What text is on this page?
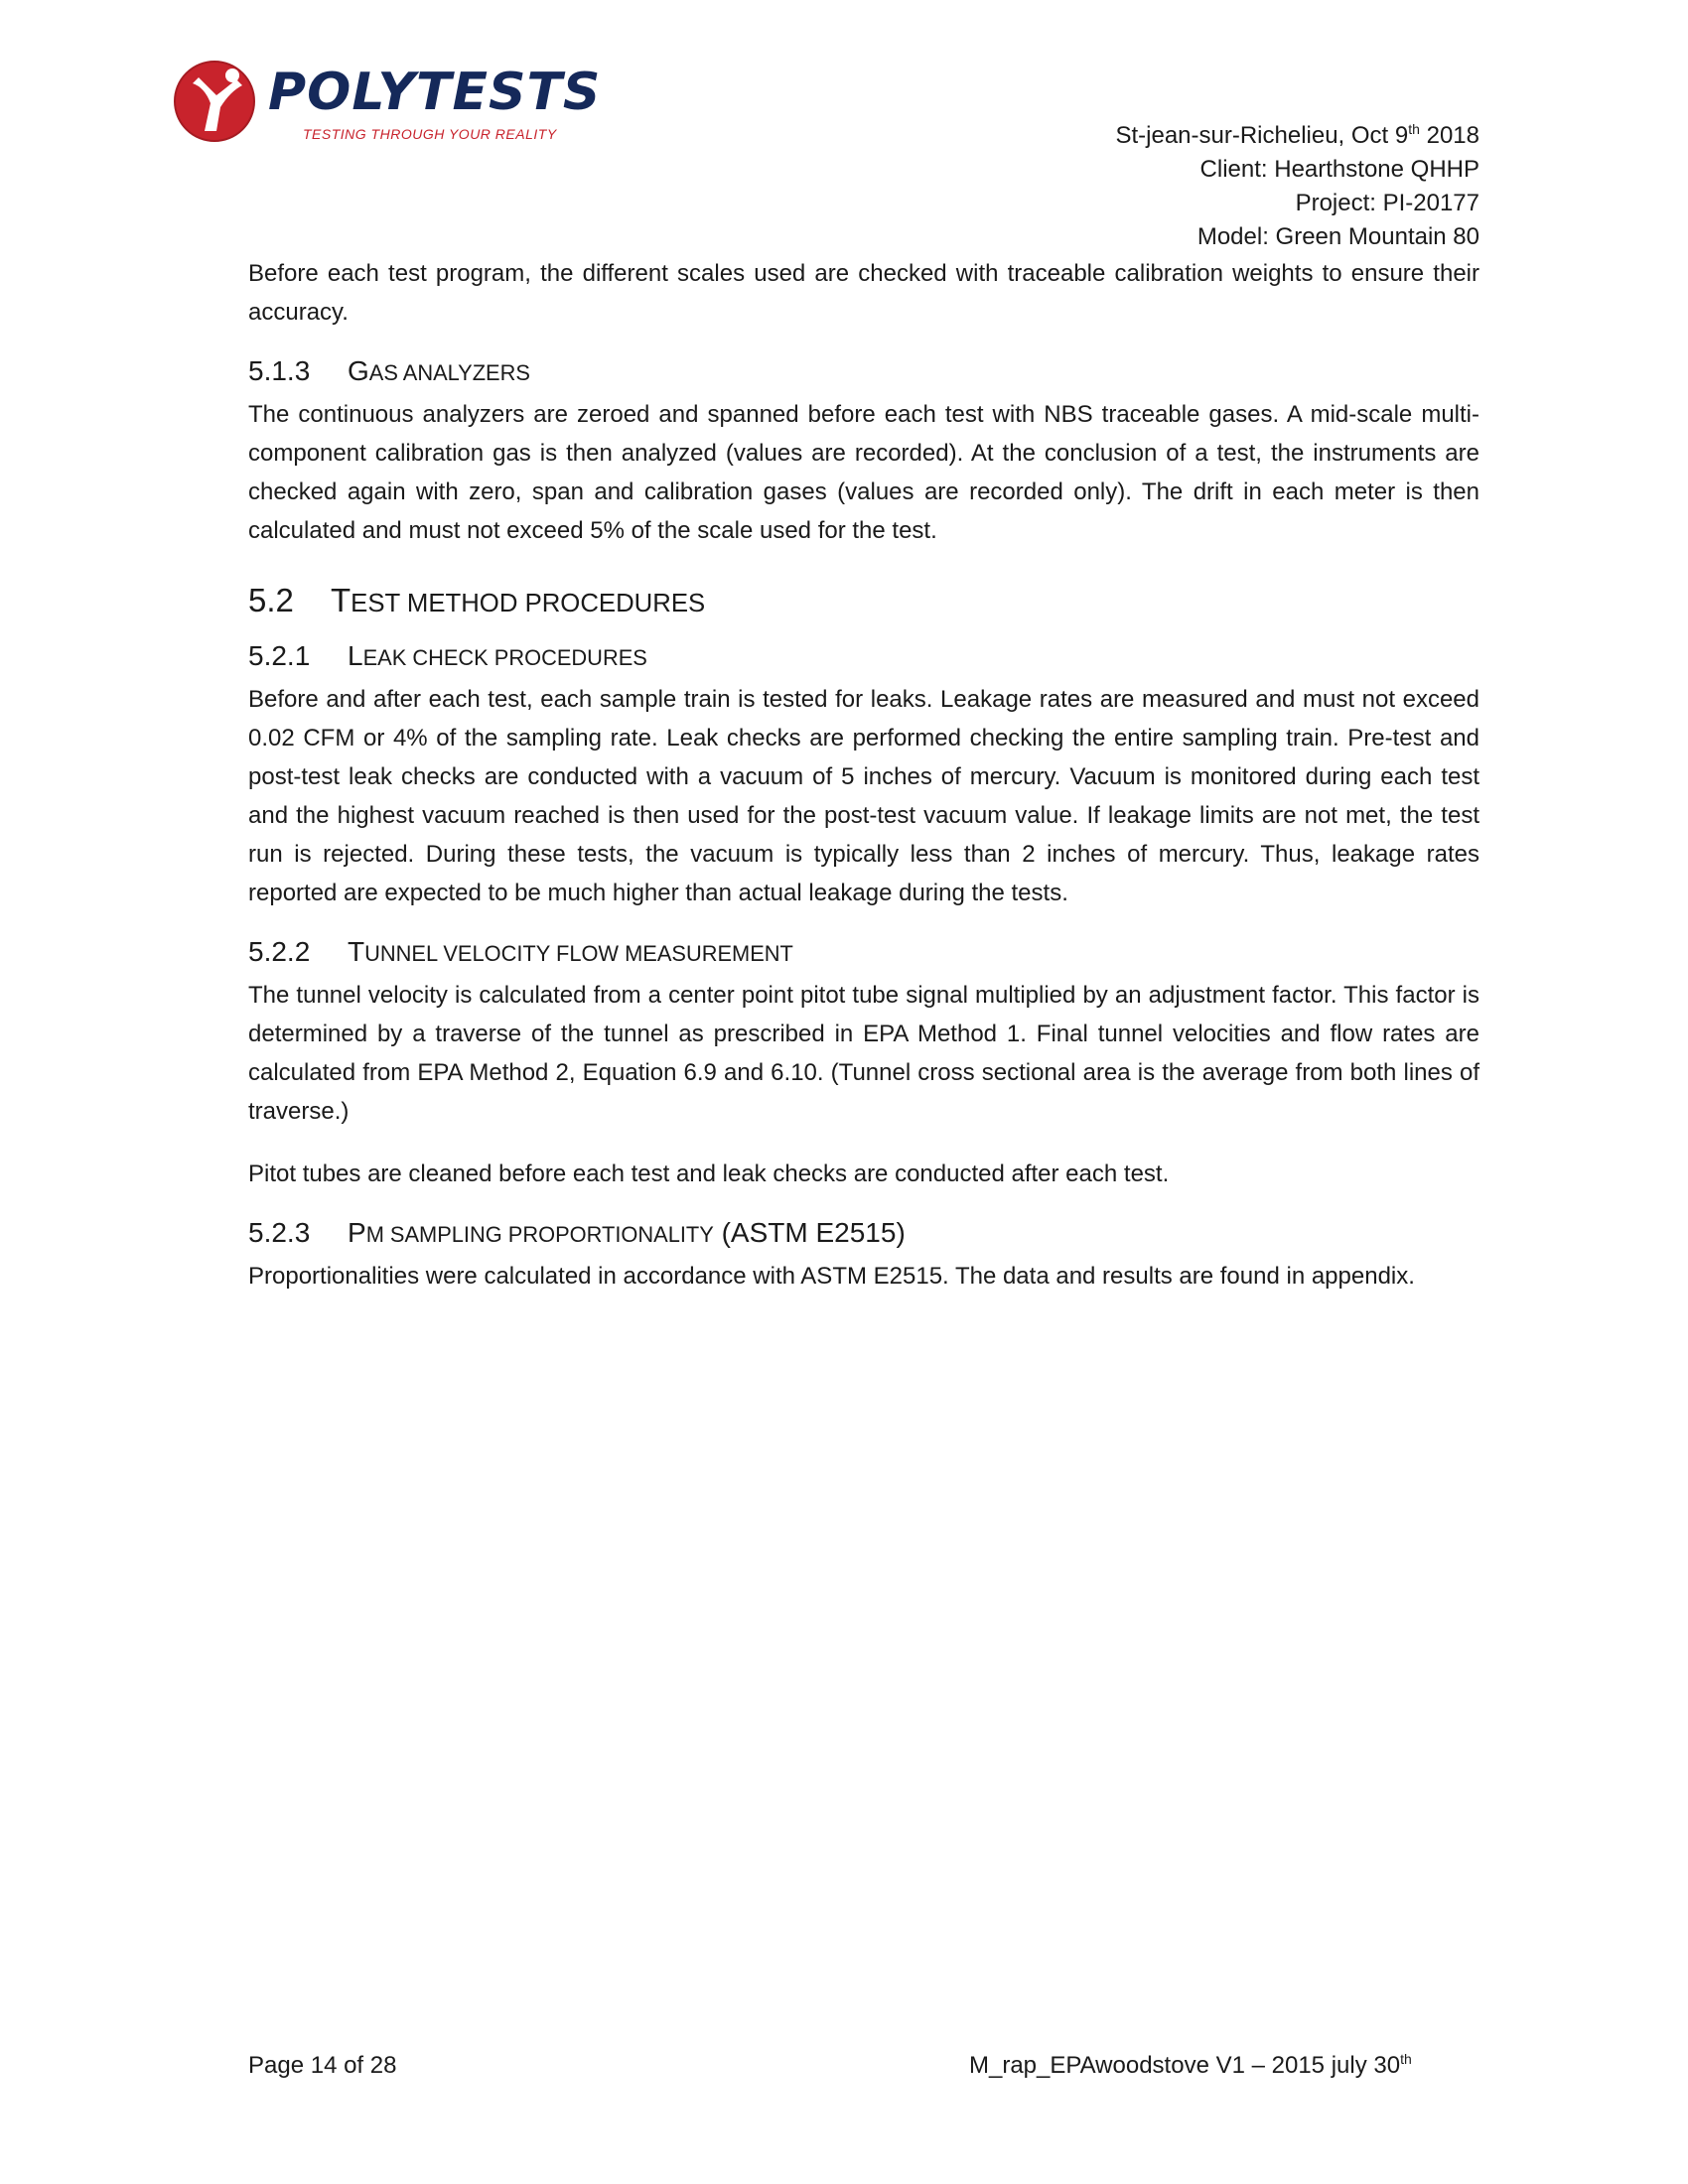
POLYTESTS
TESTING THROUGH YOUR REALITY	St-jean-sur-Richelieu, Oct 9th 2018
Client: Hearthstone QHHP
Project: PI-20177
Model: Green Mountain 80

Before each test program, the different scales used are checked with traceable calibration weights to ensure their accuracy.

5.1.3 GAS ANALYZERS

The continuous analyzers are zeroed and spanned before each test with NBS traceable gases. A mid-scale multi-component calibration gas is then analyzed (values are recorded). At the conclusion of a test, the instruments are checked again with zero, span and calibration gases (values are recorded only). The drift in each meter is then calculated and must not exceed 5% of the scale used for the test.

5.2 TEST METHOD PROCEDURES
5.2.1 LEAK CHECK PROCEDURES

Before and after each test, each sample train is tested for leaks. Leakage rates are measured and must not exceed 0.02 CFM or 4% of the sampling rate. Leak checks are performed checking the entire sampling train. Pre-test and post-test leak checks are conducted with a vacuum of 5 inches of mercury. Vacuum is monitored during each test and the highest vacuum reached is then used for the post-test vacuum value. If leakage limits are not met, the test run is rejected. During these tests, the vacuum is typically less than 2 inches of mercury. Thus, leakage rates reported are expected to be much higher than actual leakage during the tests.

5.2.2 TUNNEL VELOCITY FLOW MEASUREMENT

The tunnel velocity is calculated from a center point pitot tube signal multiplied by an adjustment factor. This factor is determined by a traverse of the tunnel as prescribed in EPA Method 1. Final tunnel velocities and flow rates are calculated from EPA Method 2, Equation 6.9 and 6.10. (Tunnel cross sectional area is the average from both lines of traverse.)

Pitot tubes are cleaned before each test and leak checks are conducted after each test.

5.2.3 PM SAMPLING PROPORTIONALITY (ASTM E2515)

Proportionalities were calculated in accordance with ASTM E2515. The data and results are found in appendix.

Page 14 of 28	M_rap_EPAwoodstove V1 – 2015 july 30th
